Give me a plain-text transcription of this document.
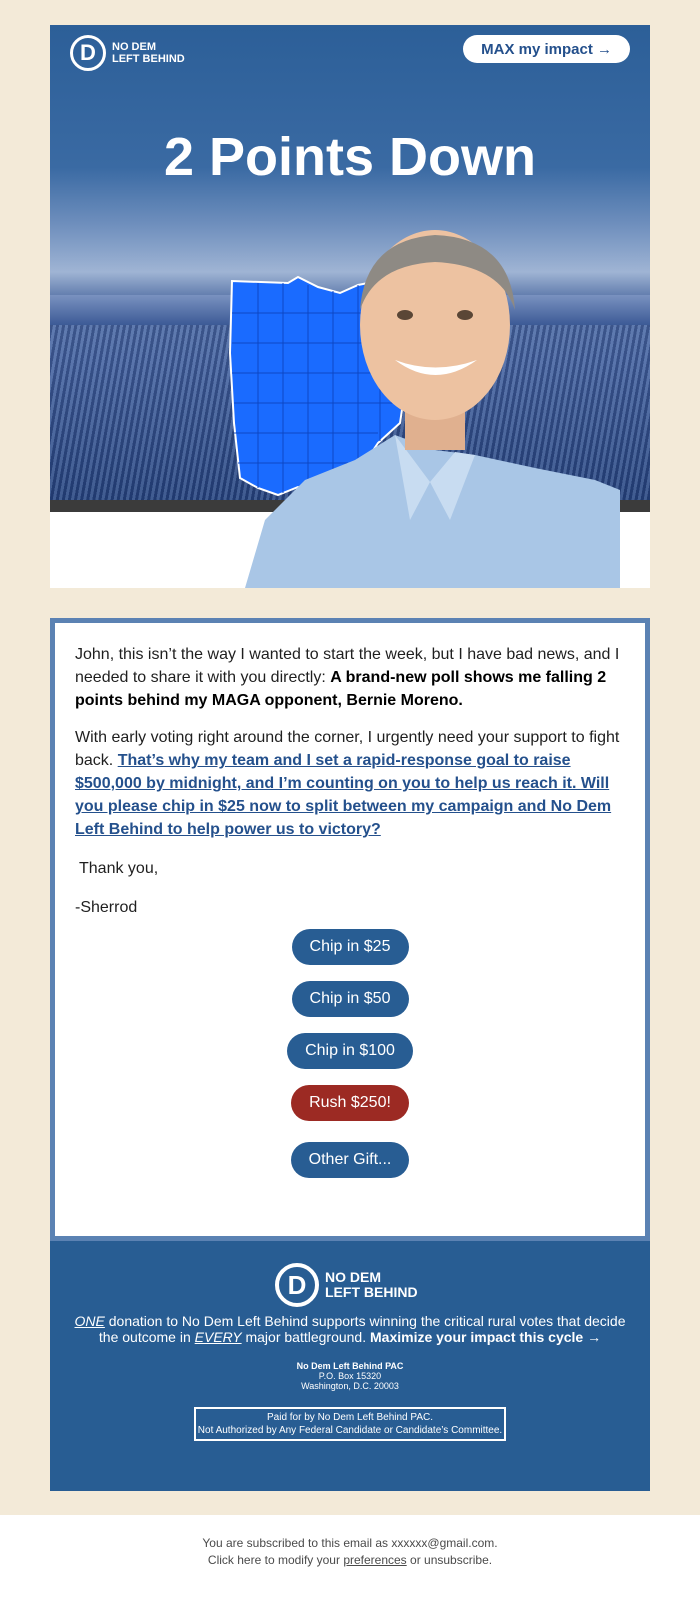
D NO DEM
LEFT BEHIND
MAX my impact →
2 Points Down

John, this isn’t the way I wanted to start the week, but I have bad news, and I needed to share it with you directly: A brand-new poll shows me falling 2 points behind my MAGA opponent, Bernie Moreno.

With early voting right around the corner, I urgently need your support to fight back. That’s why my team and I set a rapid-response goal to raise $500,000 by midnight, and I’m counting on you to help us reach it. Will you please chip in $25 now to split between my campaign and No Dem Left Behind to help power us to victory?

Thank you,

-Sherrod

Chip in $25
Chip in $50
Chip in $100
Rush $250!
Other Gift...
D NO DEM
LEFT BEHIND
ONE donation to No Dem Left Behind supports winning the critical rural votes that decide the outcome in EVERY major battleground. Maximize your impact this cycle →
No Dem Left Behind PAC
P.O. Box 15320
Washington, D.C. 20003
Paid for by No Dem Left Behind PAC.
Not Authorized by Any Federal Candidate or Candidate’s Committee.
You are subscribed to this email as xxxxxx@gmail.com.
Click here to modify your preferences or unsubscribe.
